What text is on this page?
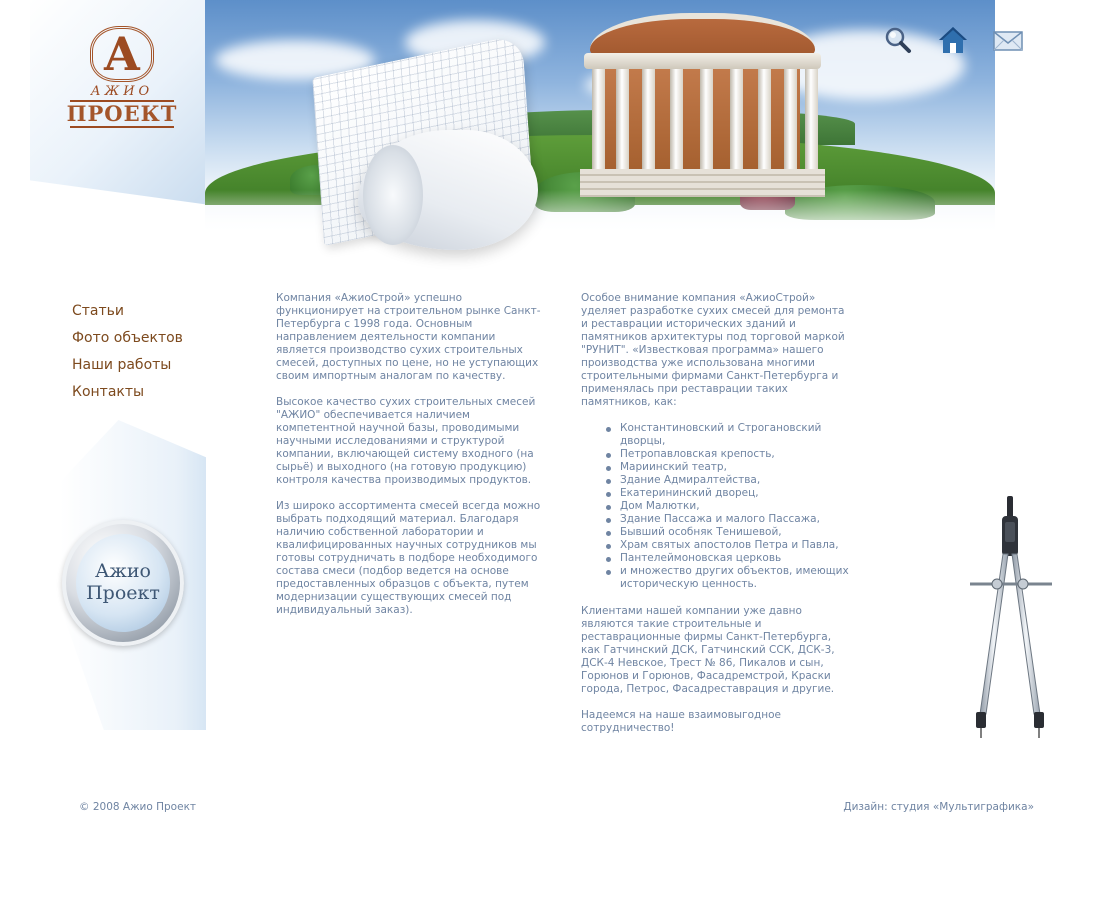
А
АЖИО
ПРОЕКТ
Статьи
Фото объектов
Наши работы
Контакты
Ажио
Проект

Компания «АжиоСтрой» успешно функционирует на строительном рынке Санкт-Петербурга с 1998 года. Основным направлением деятельности компании является производство сухих строительных смесей, доступных по цене, но не уступающих своим импортным аналогам по качеству.

Высокое качество сухих строительных смесей "АЖИО" обеспечивается наличием компетентной научной базы, проводимыми научными исследованиями и структурой компании, включающей систему входного (на сырьё) и выходного (на готовую продукцию) контроля качества производимых продуктов.

Из широко ассортимента смесей всегда можно выбрать подходящий материал. Благодаря наличию собственной лаборатории и квалифицированных научных сотрудников мы готовы сотрудничать в подборе необходимого состава смеси (подбор ведется на основе предоставленных образцов с объекта, путем модернизации существующих смесей под индивидуальный заказ).

Особое внимание компания «АжиоСтрой» уделяет разработке сухих смесей для ремонта и реставрации исторических зданий и памятников архитектуры под торговой маркой "РУНИТ". «Известковая программа» нашего производства уже использована многими строительными фирмами Санкт-Петербурга и применялась при реставрации таких памятников, как:

Константиновский и Строгановский дворцы,
Петропавловская крепость,
Мариинский театр,
Здание Адмиралтейства,
Екатерининский дворец,
Дом Малютки,
Здание Пассажа и малого Пассажа,
Бывший особняк Тенишевой,
Храм святых апостолов Петра и Павла,
Пантелеймоновская церковь
и множество других объектов, имеющих историческую ценность.

Клиентами нашей компании уже давно являются такие строительные и реставрационные фирмы Санкт-Петербурга, как Гатчинский ДСК, Гатчинский ССК, ДСК-3, ДСК-4 Невское, Трест № 86, Пикалов и сын, Горюнов и Горюнов, Фасадремстрой, Краски города, Петрос, Фасадреставрация и другие.

Надеемся на наше взаимовыгодное сотрудничество!

© 2008 Ажио Проект	Дизайн: студия «Мультиграфика»
